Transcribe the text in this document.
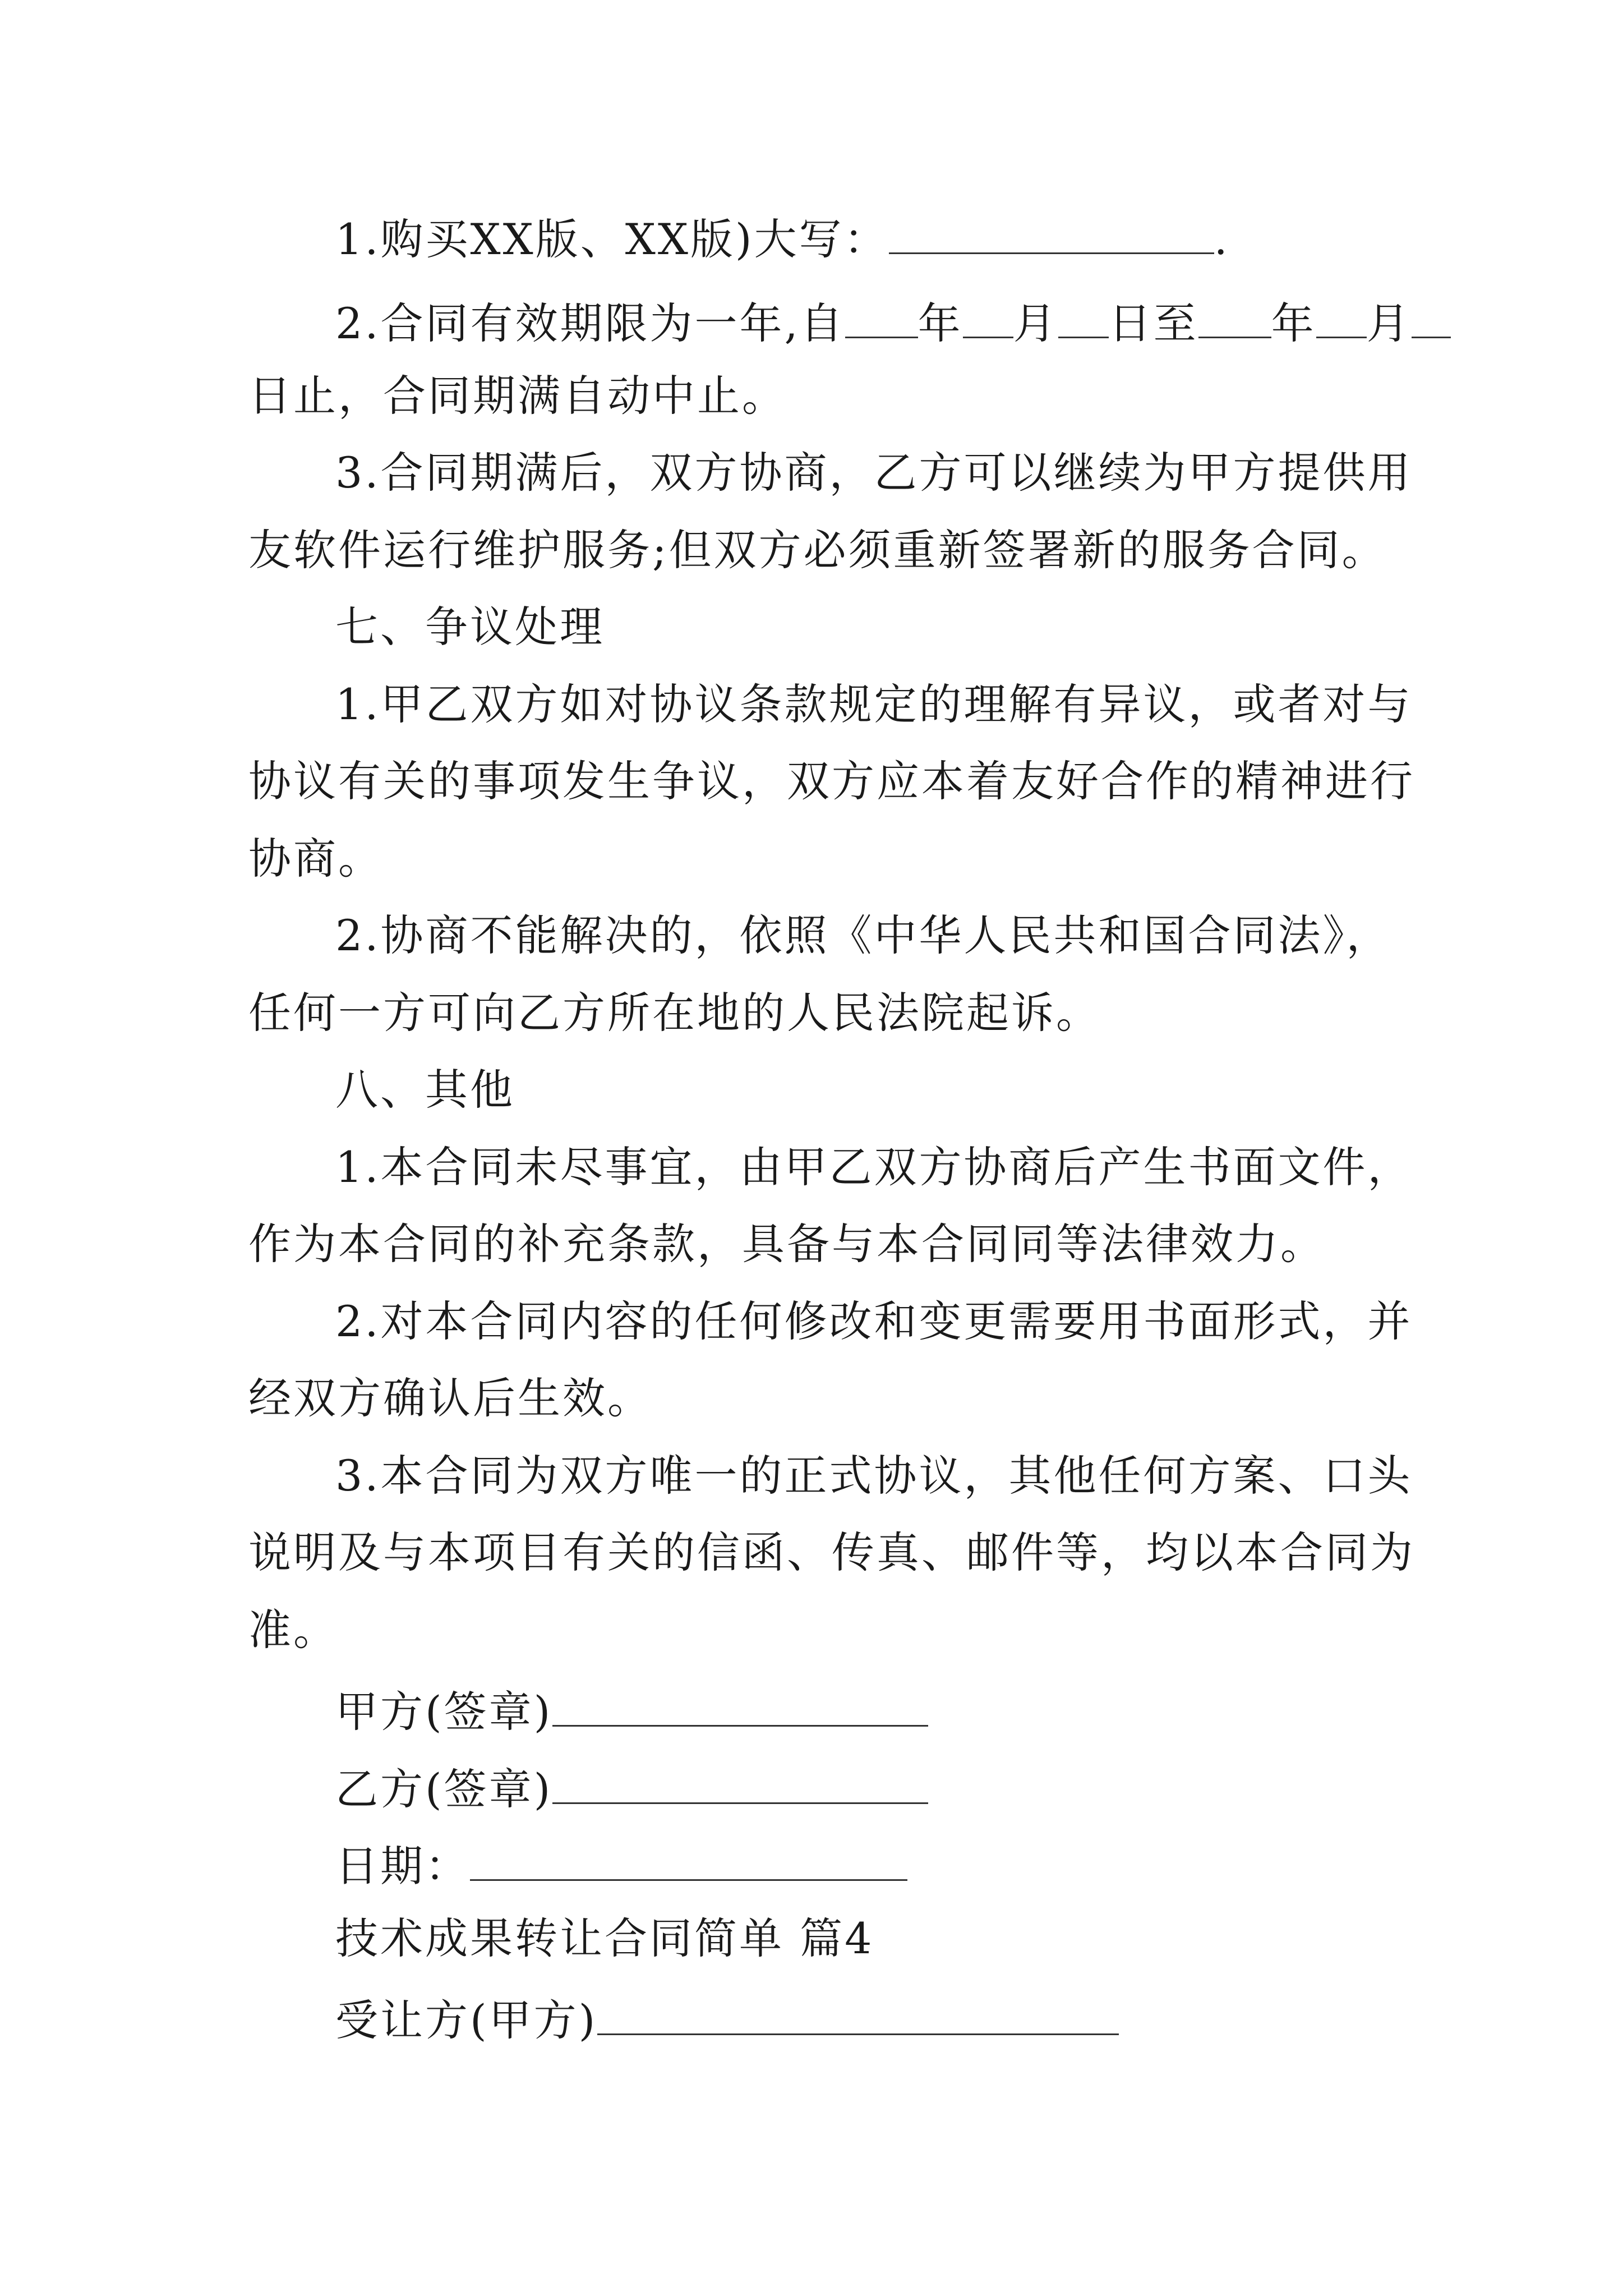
1.购买XX版、XX版)大写：	.
2.合同有效期限为一年,自 年 月 日至 年 月
日止，合同期满自动中止。
3.合同期满后，双方协商，乙方可以继续为甲方提供用
友软件运行维护服务;但双方必须重新签署新的服务合同。
七、争议处理
1.甲乙双方如对协议条款规定的理解有异议，或者对与
协议有关的事项发生争议，双方应本着友好合作的精神进行
协商。
2.协商不能解决的，依照《中华人民共和国合同法》，
任何一方可向乙方所在地的人民法院起诉。
八、其他
1.本合同未尽事宜，由甲乙双方协商后产生书面文件，
作为本合同的补充条款，具备与本合同同等法律效力。
2.对本合同内容的任何修改和变更需要用书面形式，并
经双方确认后生效。
3.本合同为双方唯一的正式协议，其他任何方案、口头
说明及与本项目有关的信函、传真、邮件等，均以本合同为
准。
甲方(签章)
乙方(签章)
日期：
技术成果转让合同简单 篇4
受让方(甲方)
